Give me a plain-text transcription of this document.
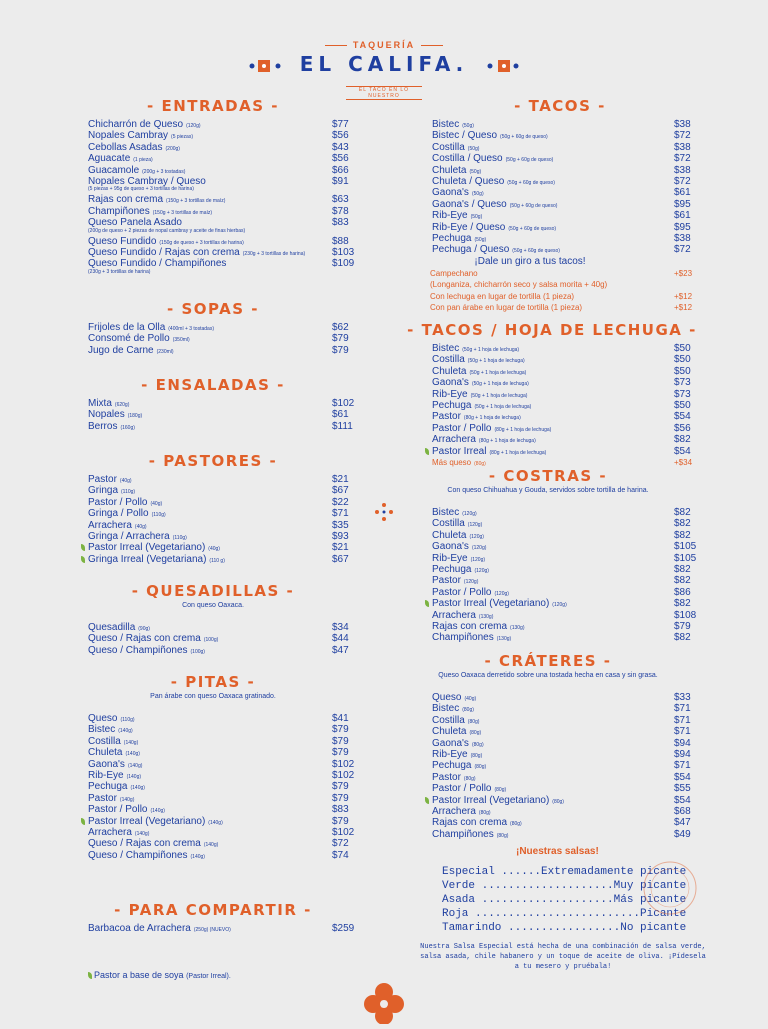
TAQUERÍA
EL CALIFA.
EL TACO EN LO NUESTRO
- ENTRADAS -
Chicharrón de Queso (120g)	$77
Nopales Cambray (5 piezas)	$56
Cebollas Asadas (200g)	$43
Aguacate (1 pieza)	$56
Guacamole (200g + 3 tostadas)	$66
Nopales Cambray / Queso	$91
(5 piezas + 95g de queso + 3 tortillas de harina)
Rajas con crema (150g + 3 tortillas de maíz)	$63
Champiñones (150g + 3 tortillas de maíz)	$78
Queso Panela Asado	$83
(200g de queso + 2 piezas de nopal cambray y aceite de finas hierbas)
Queso Fundido (150g de queso + 3 tortillas de harina)	$88
Queso Fundido / Rajas con crema (230g + 3 tortillas de harina)	$103
Queso Fundido / Champiñones	$109
(230g + 3 tortillas de harina)
- SOPAS -
Frijoles de la Olla (400ml + 3 tostadas)	$62
Consomé de Pollo (350ml)	$79
Jugo de Carne (230ml)	$79
- ENSALADAS -
Mixta (620g)	$102
Nopales (180g)	$61
Berros (160g)	$111
- PASTORES -
Pastor (40g)	$21
Gringa (110g)	$67
Pastor / Pollo (40g)	$22
Gringa / Pollo (110g)	$71
Arrachera (40g)	$35
Gringa / Arrachera (110g)	$93
Pastor Irreal (Vegetariano) (40g)	$21
Gringa Irreal (Vegetariana) (110 g)	$67
- QUESADILLAS -
Con queso Oaxaca.
Quesadilla (90g)	$34
Queso / Rajas con crema (100g)	$44
Queso / Champiñones (100g)	$47
- PITAS -
Pan árabe con queso Oaxaca gratinado.
Queso (110g)	$41
Bistec (140g)	$79
Costilla (140g)	$79
Chuleta (140g)	$79
Gaona's (140g)	$102
Rib-Eye (140g)	$102
Pechuga (140g)	$79
Pastor (140g)	$79
Pastor / Pollo (140g)	$83
Pastor Irreal (Vegetariano) (140g)	$79
Arrachera (140g)	$102
Queso / Rajas con crema (140g)	$72
Queso / Champiñones (140g)	$74
- PARA COMPARTIR -
Barbacoa de Arrachera (250g) (NUEVO)	$259
- TACOS -
Bistec (50g)	$38
Bistec / Queso (50g + 60g de queso)	$72
Costilla (50g)	$38
Costilla / Queso (50g + 60g de queso)	$72
Chuleta (50g)	$38
Chuleta / Queso (50g + 60g de queso)	$72
Gaona's (50g)	$61
Gaona's / Queso (50g + 60g de queso)	$95
Rib-Eye (50g)	$61
Rib-Eye / Queso (50g + 60g de queso)	$95
Pechuga (50g)	$38
Pechuga / Queso (50g + 60g de queso)	$72
¡Dale un giro a tus tacos!
Campechano	+$23
(Longaniza, chicharrón seco y salsa morita + 40g)
Con lechuga en lugar de tortilla (1 pieza)	+$12
Con pan árabe en lugar de tortilla (1 pieza)	+$12
- TACOS / HOJA DE LECHUGA -
Bistec (50g + 1 hoja de lechuga)	$50
Costilla (50g + 1 hoja de lechuga)	$50
Chuleta (50g + 1 hoja de lechuga)	$50
Gaona's (50g + 1 hoja de lechuga)	$73
Rib-Eye (50g + 1 hoja de lechuga)	$73
Pechuga (50g + 1 hoja de lechuga)	$50
Pastor (80g + 1 hoja de lechuga)	$54
Pastor / Pollo (80g + 1 hoja de lechuga)	$56
Arrachera (80g + 1 hoja de lechuga)	$82
Pastor Irreal (80g + 1 hoja de lechuga)	$54
Más queso (80g)	+$34
- COSTRAS -
Con queso Chihuahua y Gouda, servidos sobre tortilla de harina.
Bistec (120g)	$82
Costilla (120g)	$82
Chuleta (120g)	$82
Gaona's (120g)	$105
Rib-Eye (120g)	$105
Pechuga (120g)	$82
Pastor (120g)	$82
Pastor / Pollo (120g)	$86
Pastor Irreal (Vegetariano) (120g)	$82
Arrachera (130g)	$108
Rajas con crema (130g)	$79
Champiñones (130g)	$82
- CRÁTERES -
Queso Oaxaca derretido sobre una tostada hecha en casa y sin grasa.
Queso (40g)	$33
Bistec (80g)	$71
Costilla (80g)	$71
Chuleta (80g)	$71
Gaona's (80g)	$94
Rib-Eye (80g)	$94
Pechuga (80g)	$71
Pastor (80g)	$54
Pastor / Pollo (80g)	$55
Pastor Irreal (Vegetariano) (80g)	$54
Arrachera (80g)	$68
Rajas con crema (80g)	$47
Champiñones (80g)	$49
¡Nuestras salsas!
Especial ......Extremadamente picante
Verde ....................Muy picante
Asada ....................Más picante
Roja .........................Picante
Tamarindo .................No picante
Nuestra Salsa Especial está hecha de una combinación de salsa verde, salsa asada, chile habanero y un toque de aceite de oliva. ¡Pídesela a tu mesero y pruébala!
Pastor a base de soya (Pastor Irreal).
